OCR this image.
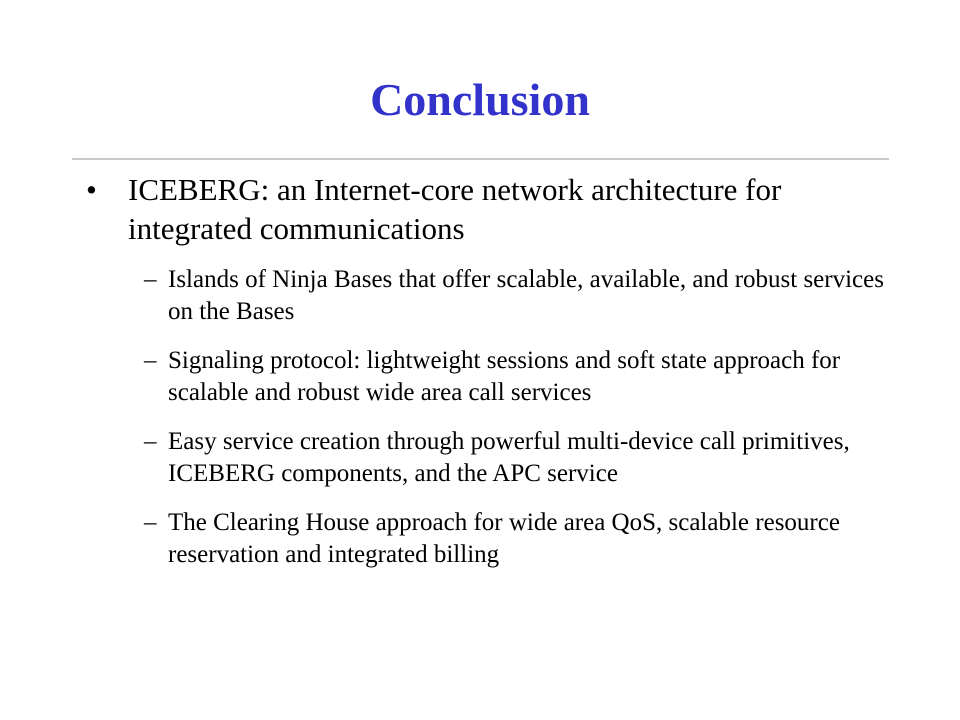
Conclusion
• ICEBERG: an Internet-core network architecture for integrated communications
– Islands of Ninja Bases that offer scalable, available, and robust services on the Bases
– Signaling protocol: lightweight sessions and soft state approach for scalable and robust wide area call services
– Easy service creation through powerful multi-device call primitives, ICEBERG components, and the APC service
– The Clearing House approach for wide area QoS, scalable resource reservation and integrated billing
